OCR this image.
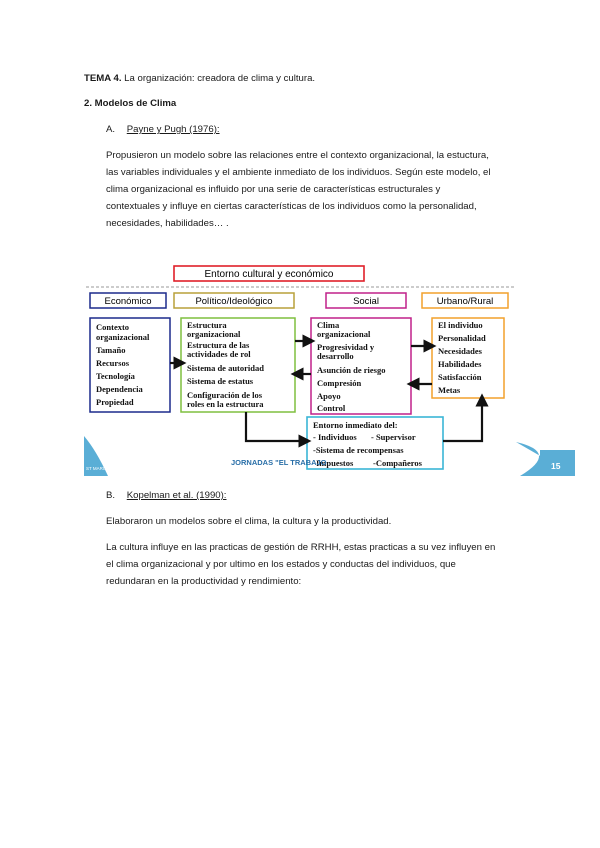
TEMA 4. La organización: creadora de clima y cultura.
2. Modelos de Clima
A. Payne y Pugh (1976):
Propusieron un modelo sobre las relaciones entre el contexto organizacional, la estuctura,
las variables individuales y el ambiente inmediato de los individuos. Según este modelo, el
clima organizacional es influido por una serie de características estructurales y
contextuales y influye en ciertas características de los individuos como la personalidad,
necesidades, habilidades… .
Entorno cultural y económico
Económico	Político/Ideológico	Social	Urbano/Rural
Contexto
organizacional
Tamaño
Recursos
Tecnología
Dependencia
Propiedad
Estructura
organizacional
Estructura de las
actividades de rol
Sistema de autoridad
Sistema de estatus
Configuración de los
roles en la estructura
Clima
organizacional
Progresividad y
desarrollo
Asunción de riesgo
Compresión
Apoyo
Control
El individuo
Personalidad
Necesidades
Habilidades
Satisfacción
Metas
Entorno inmediato del:
- Individuos - Supervisor
-Sistema de recompensas
Impuestos -Compañeros
ST MARIA
JORNADAS "EL TRABAJO	15
B. Kopelman et al. (1990):
Elaboraron un modelos sobre el clima, la cultura y la productividad.
La cultura influye en las practicas de gestión de RRHH, estas practicas a su vez influyen en
el clima organizacional y por ultimo en los estados y conductas del individuos, que
redundaran en la productividad y rendimiento:
